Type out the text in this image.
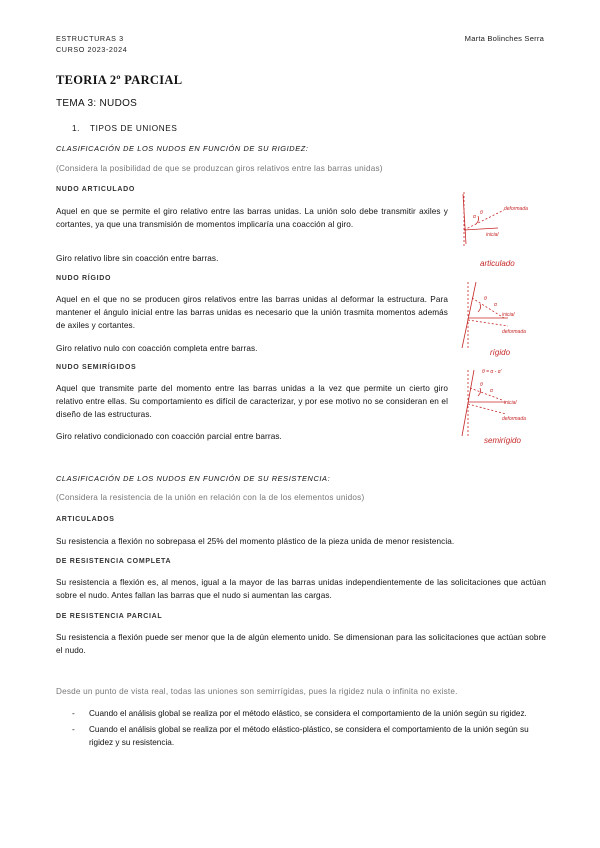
ESTRUCTURAS 3
CURSO 2023-2024
Marta Bolinches Serra
TEORIA 2º PARCIAL
TEMA 3: NUDOS
1. TIPOS DE UNIONES
CLASIFICACIÓN DE LOS NUDOS EN FUNCIÓN DE SU RIGIDEZ:
(Considera la posibilidad de que se produzcan giros relativos entre las barras unidas)
NUDO ARTICULADO
Aquel en que se permite el giro relativo entre las barras unidas. La unión solo debe transmitir axiles y cortantes, ya que una transmisión de momentos implicaría una coacción al giro.
Giro relativo libre sin coacción entre barras.
NUDO RÍGIDO
Aquel en el que no se producen giros relativos entre las barras unidas al deformar la estructura. Para mantener el ángulo inicial entre las barras unidas es necesario que la unión trasmita momentos además de axiles y cortantes.
Giro relativo nulo con coacción completa entre barras.
NUDO SEMIRÍGIDOS
Aquel que transmite parte del momento entre las barras unidas a la vez que permite un cierto giro relativo entre ellas. Su comportamiento es difícil de caracterizar, y por ese motivo no se consideran en el diseño de las estructuras.
Giro relativo condicionado con coacción parcial entre barras.
θ
α
deformada
inicial
articulado
θ
α
inicial
deformada
rígido
θ = α - α'
θ
α
inicial
deformada
semirígido
CLASIFICACIÓN DE LOS NUDOS EN FUNCIÓN DE SU RESISTENCIA:
(Considera la resistencia de la unión en relación con la de los elementos unidos)
ARTICULADOS
Su resistencia a flexión no sobrepasa el 25% del momento plástico de la pieza unida de menor resistencia.
DE RESISTENCIA COMPLETA
Su resistencia a flexión es, al menos, igual a la mayor de las barras unidas independientemente de las solicitaciones que actúan sobre el nudo. Antes fallan las barras que el nudo si aumentan las cargas.
DE RESISTENCIA PARCIAL
Su resistencia a flexión puede ser menor que la de algún elemento unido. Se dimensionan para las solicitaciones que actúan sobre el nudo.
Desde un punto de vista real, todas las uniones son semirrígidas, pues la rigidez nula o infinita no existe.
- Cuando el análisis global se realiza por el método elástico, se considera el comportamiento de la unión según su rigidez.
- Cuando el análisis global se realiza por el método elástico-plástico, se considera el comportamiento de la unión según su rigidez y su resistencia.
